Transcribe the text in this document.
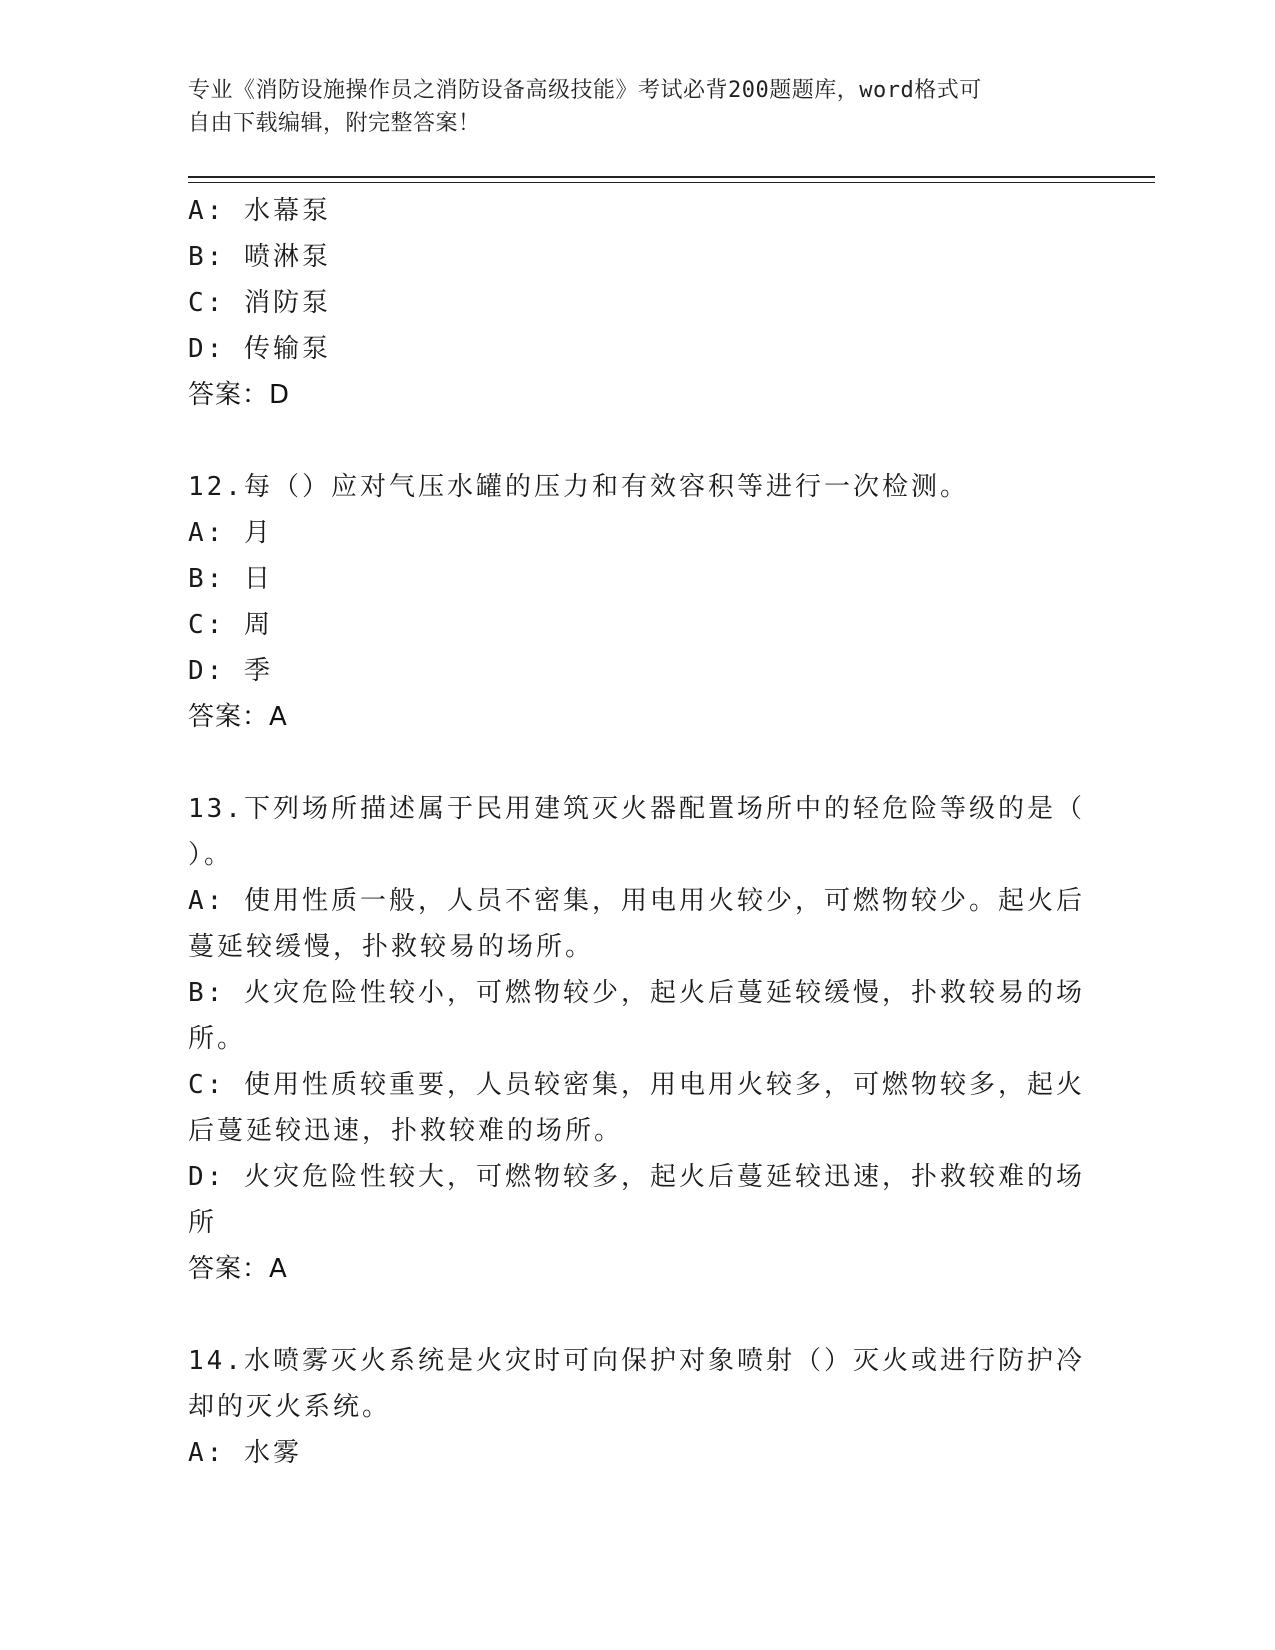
专业《消防设施操作员之消防设备高级技能》考试必背200题题库，word格式可
自由下载编辑，附完整答案！
A: 水幕泵
B: 喷淋泵
C: 消防泵
D: 传输泵
答案：D
12.每（）应对气压水罐的压力和有效容积等进行一次检测。
A: 月
B: 日
C: 周
D: 季
答案：A
13.下列场所描述属于民用建筑灭火器配置场所中的轻危险等级的是（
）。
A: 使用性质一般，人员不密集，用电用火较少，可燃物较少。起火后
蔓延较缓慢，扑救较易的场所。
B: 火灾危险性较小，可燃物较少，起火后蔓延较缓慢，扑救较易的场
所。
C: 使用性质较重要，人员较密集，用电用火较多，可燃物较多，起火
后蔓延较迅速，扑救较难的场所。
D: 火灾危险性较大，可燃物较多，起火后蔓延较迅速，扑救较难的场
所
答案：A
14.水喷雾灭火系统是火灾时可向保护对象喷射（）灭火或进行防护冷
却的灭火系统。
A: 水雾
